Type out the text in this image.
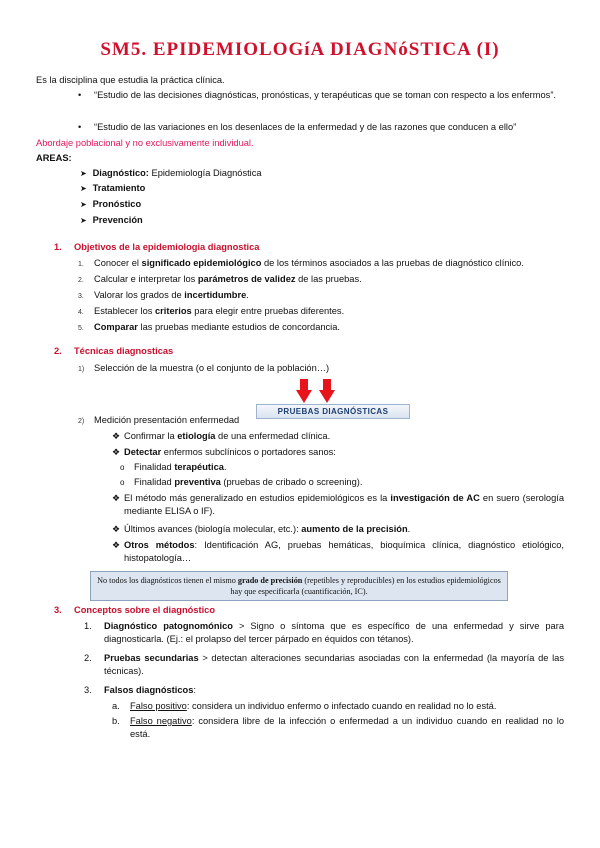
SM5. EPIDEMIOLOGíA DIAGNóSTICA (I)
Es la disciplina que estudia la práctica clínica.
•	“Estudio de las decisiones diagnósticas, pronósticas, y terapéuticas que se toman con respecto a los enfermos”.
•	“Estudio de las variaciones en los desenlaces de la enfermedad y de las razones que conducen a ello”
Abordaje poblacional y no exclusivamente individual.
AREAS:
➤ Diagnóstico: Epidemiología Diagnóstica
➤ Tratamiento
➤ Pronóstico
➤ Prevención
1. Objetivos de la epidemiologia diagnostica
1. Conocer el significado epidemiológico de los términos asociados a las pruebas de diagnóstico clínico.
2. Calcular e interpretar los parámetros de validez de las pruebas.
3. Valorar los grados de incertidumbre.
4. Establecer los criterios para elegir entre pruebas diferentes.
5. Comparar las pruebas mediante estudios de concordancia.
2. Técnicas diagnosticas
1) Selección de la muestra (o el conjunto de la población…)
2) Medición presentación enfermedad
PRUEBAS DIAGNÓSTICAS
❖ Confirmar la etiología de una enfermedad clínica.
❖ Detectar enfermos subclínicos o portadores sanos:
o Finalidad terapéutica.
o Finalidad preventiva (pruebas de cribado o screening).
❖ El método más generalizado en estudios epidemiológicos es la investigación de AC en suero (serología mediante ELISA o IF).
❖ Últimos avances (biología molecular, etc.): aumento de la precisión.
❖ Otros métodos: Identificación AG, pruebas hemáticas, bioquímica clínica, diagnóstico etiológico, histopatología…
No todos los diagnósticos tienen el mismo grado de precisión (repetibles y reproducibles) en los estudios epidemiológicos hay que especificarla (cuantificación, IC).
3. Conceptos sobre el diagnóstico
1.	Diagnóstico patognomónico > Signo o síntoma que es específico de una enfermedad y sirve para diagnosticarla. (Ej.: el prolapso del tercer párpado en équidos con tétanos).
2.	Pruebas secundarias > detectan alteraciones secundarias asociadas con la enfermedad (la mayoría de las técnicas).
3. Falsos diagnósticos:
a. Falso positivo: considera un individuo enfermo o infectado cuando en realidad no lo está.
b.	Falso negativo: considera libre de la infección o enfermedad a un individuo cuando en realidad no lo está.
